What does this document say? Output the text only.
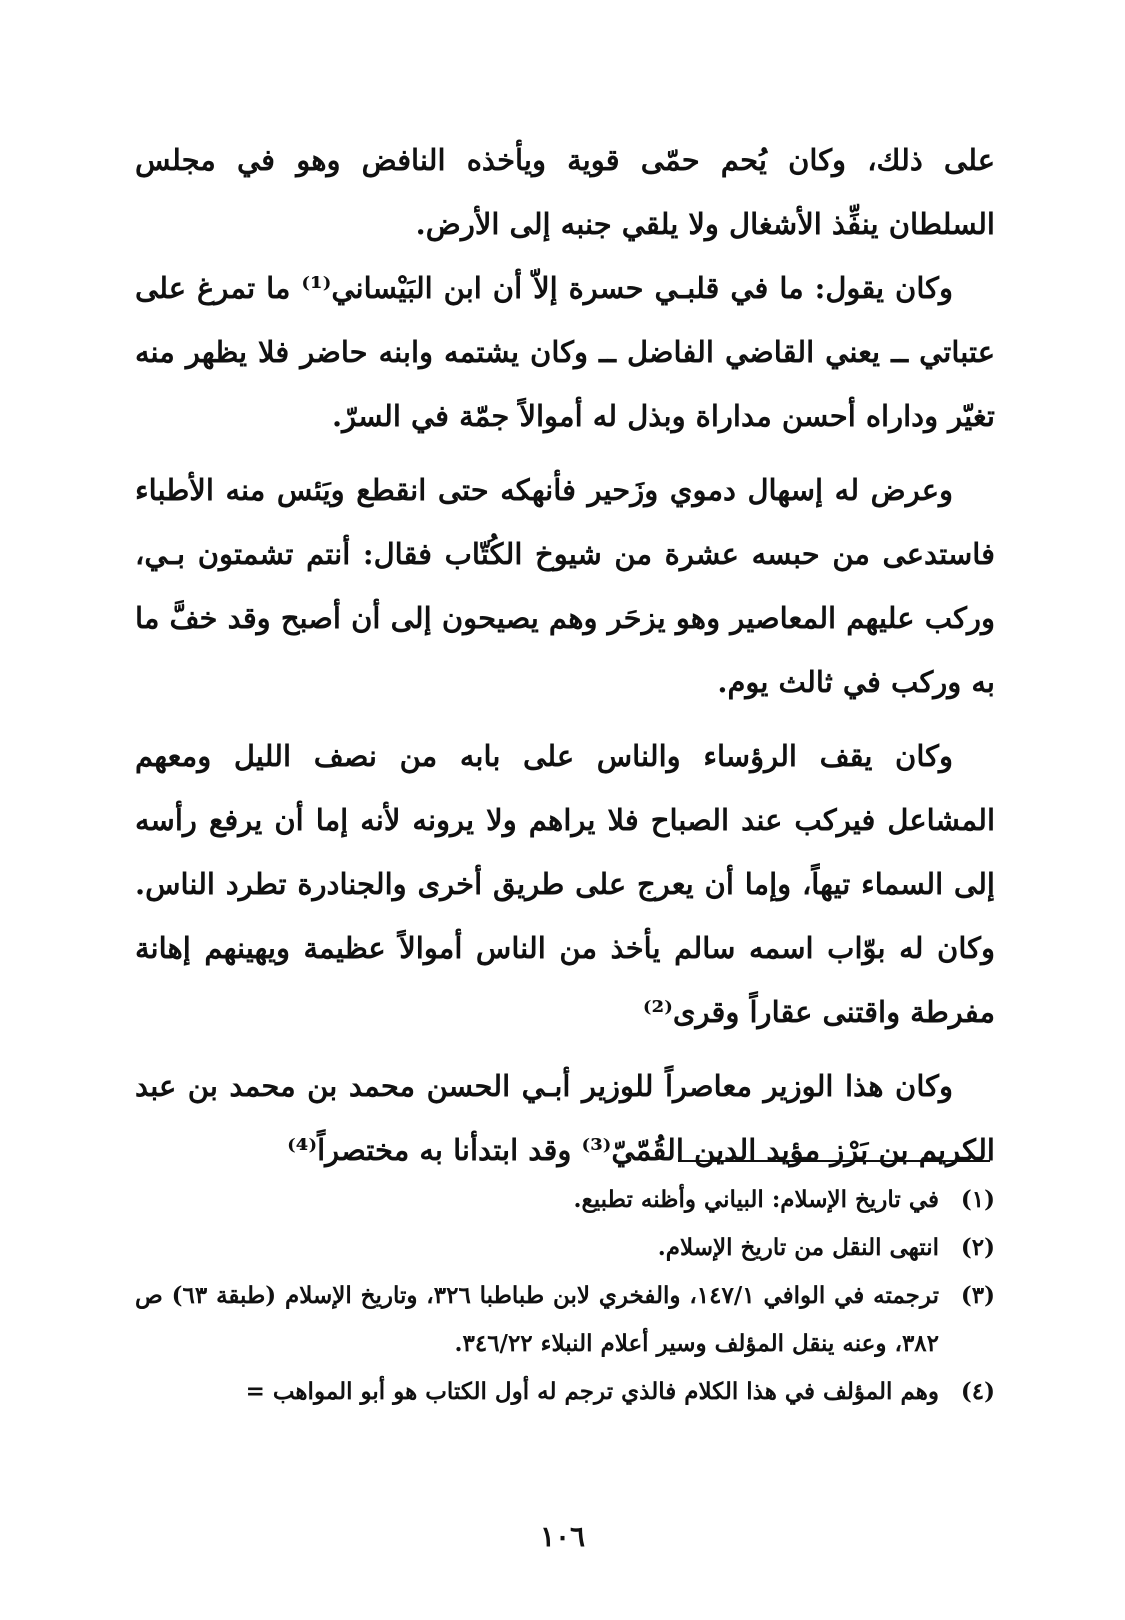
على ذلك، وكان يُحم حمّى قوية ويأخذه النافض وهو في مجلس السلطان ينفِّذ الأشغال ولا يلقي جنبه إلى الأرض.

وكان يقول: ما في قلبـي حسرة إلاّ أن ابن البَيْساني⁽¹⁾ ما تمرغ على عتباتي ــ يعني القاضي الفاضل ــ وكان يشتمه وابنه حاضر فلا يظهر منه تغيّر وداراه أحسن مداراة وبذل له أموالاً جمّة في السرّ.

وعرض له إسهال دموي وزَحير فأنهكه حتى انقطع ويَئس منه الأطباء فاستدعى من حبسه عشرة من شيوخ الكُتّاب فقال: أنتم تشمتون بـي، وركب عليهم المعاصير وهو يزحَر وهم يصيحون إلى أن أصبح وقد خفَّ ما به وركب في ثالث يوم.

وكان يقف الرؤساء والناس على بابه من نصف الليل ومعهم المشاعل فيركب عند الصباح فلا يراهم ولا يرونه لأنه إما أن يرفع رأسه إلى السماء تيهاً، وإما أن يعرج على طريق أخرى والجنادرة تطرد الناس. وكان له بوّاب اسمه سالم يأخذ من الناس أموالاً عظيمة ويهينهم إهانة مفرطة واقتنى عقاراً وقرى⁽²⁾

وكان هذا الوزير معاصراً للوزير أبـي الحسن محمد بن محمد بن عبد الكريم بن بَرْز مؤيد الدين القُمّيّ⁽³⁾ وقد ابتدأنا به مختصراً⁽⁴⁾

(١)
في تاريخ الإسلام: البياني وأظنه تطبيع.
(٢)
انتهى النقل من تاريخ الإسلام.
(٣)
ترجمته في الوافي ١٤٧/١، والفخري لابن طباطبا ٣٢٦، وتاريخ الإسلام (طبقة ٦٣) ص ٣٨٢، وعنه ينقل المؤلف وسير أعلام النبلاء ٣٤٦/٢٢.
(٤)
وهم المؤلف في هذا الكلام فالذي ترجم له أول الكتاب هو أبو المواهب =
١٠٦
